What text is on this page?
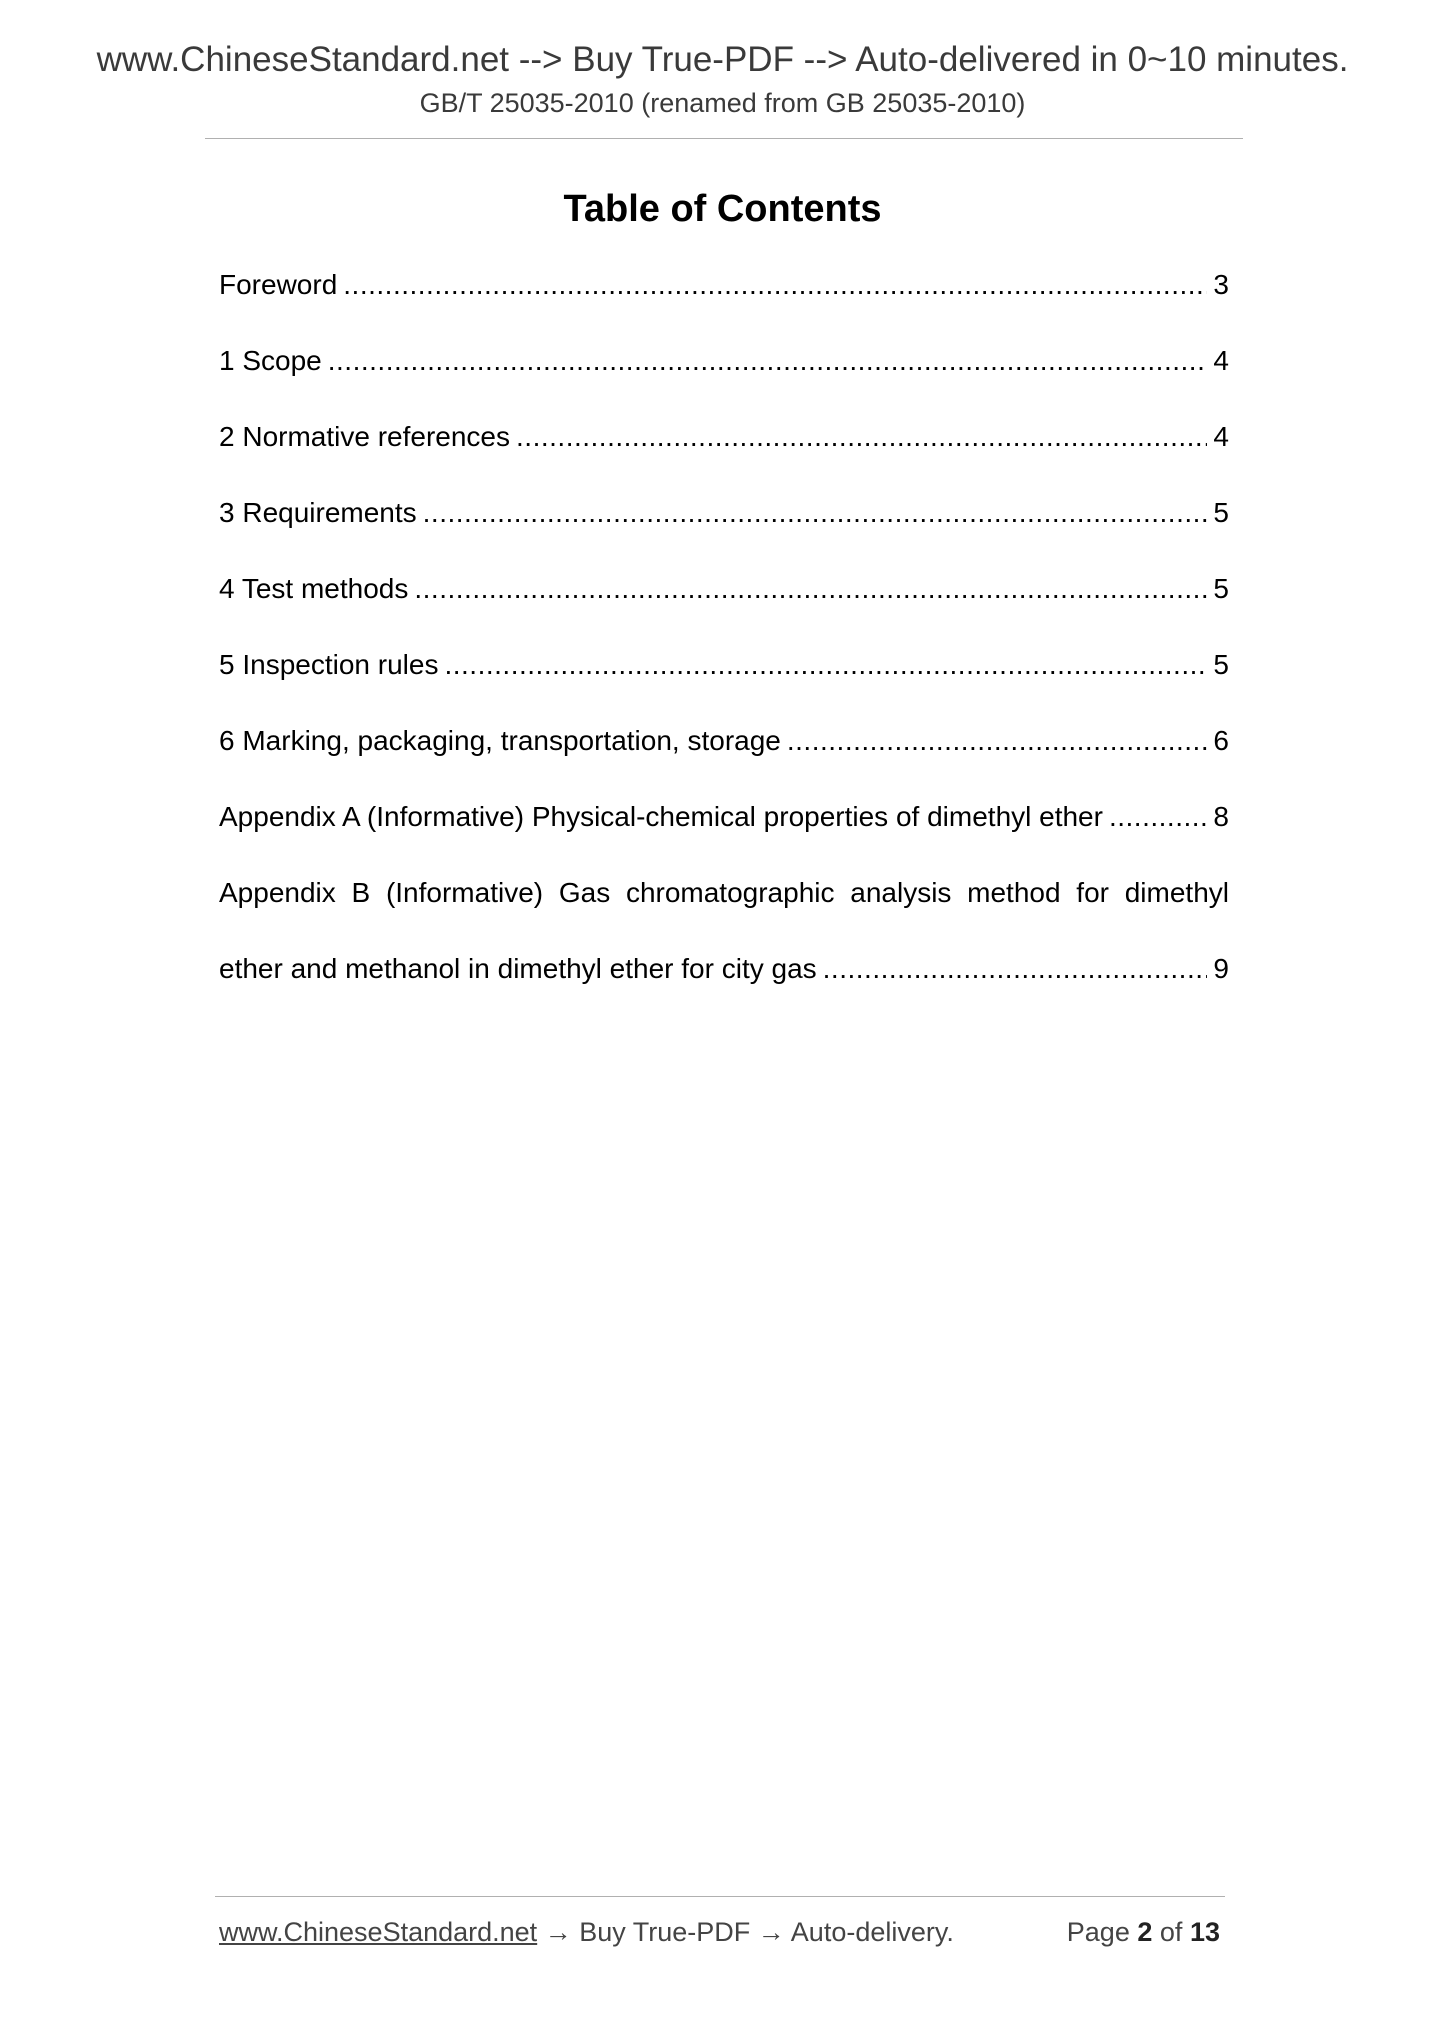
www.ChineseStandard.net --> Buy True-PDF --> Auto-delivered in 0~10 minutes.
GB/T 25035-2010 (renamed from GB 25035-2010)
Table of Contents
Foreword .....	3
1 Scope .....	4
2 Normative references .....	4
3 Requirements .....	5
4 Test methods .....	5
5 Inspection rules .....	5
6 Marking, packaging, transportation, storage .....	6
Appendix A (Informative) Physical-chemical properties of dimethyl ether .....	8
Appendix B (Informative) Gas chromatographic analysis method for dimethyl
ether and methanol in dimethyl ether for city gas .....	9
www.ChineseStandard.net → Buy True-PDF → Auto-delivery.	Page 2 of 13
